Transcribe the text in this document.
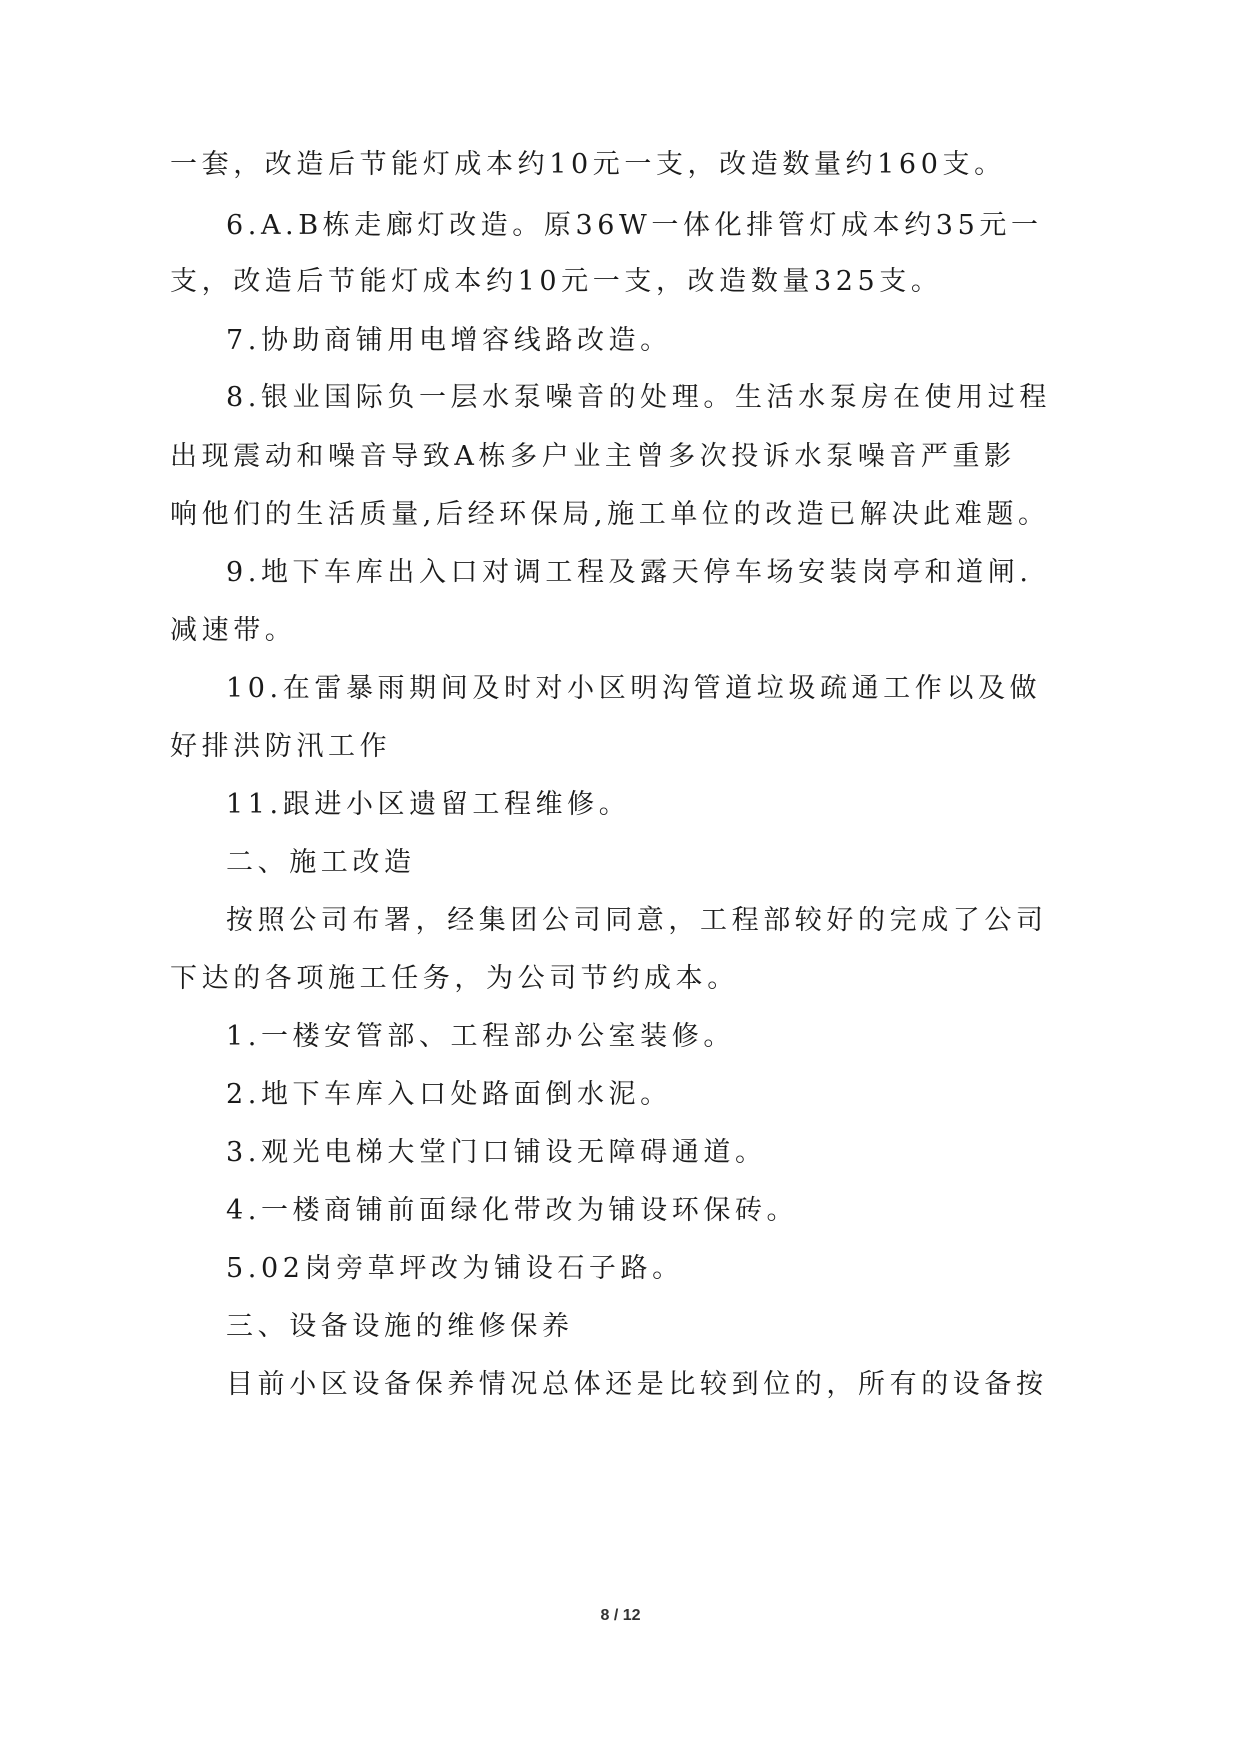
一套，改造后节能灯成本约10元一支，改造数量约160支。
6.A.B栋走廊灯改造。原36W一体化排管灯成本约35元一
支，改造后节能灯成本约10元一支，改造数量325支。
7.协助商铺用电增容线路改造。
8.银业国际负一层水泵噪音的处理。生活水泵房在使用过程
出现震动和噪音导致A栋多户业主曾多次投诉水泵噪音严重影
响他们的生活质量,后经环保局,施工单位的改造已解决此难题。
9.地下车库出入口对调工程及露天停车场安装岗亭和道闸.
减速带。
10.在雷暴雨期间及时对小区明沟管道垃圾疏通工作以及做
好排洪防汛工作
11.跟进小区遗留工程维修。
二、施工改造
按照公司布署，经集团公司同意，工程部较好的完成了公司
下达的各项施工任务，为公司节约成本。
1.一楼安管部、工程部办公室装修。
2.地下车库入口处路面倒水泥。
3.观光电梯大堂门口铺设无障碍通道。
4.一楼商铺前面绿化带改为铺设环保砖。
5.02岗旁草坪改为铺设石子路。
三、设备设施的维修保养
目前小区设备保养情况总体还是比较到位的，所有的设备按
8 / 12
